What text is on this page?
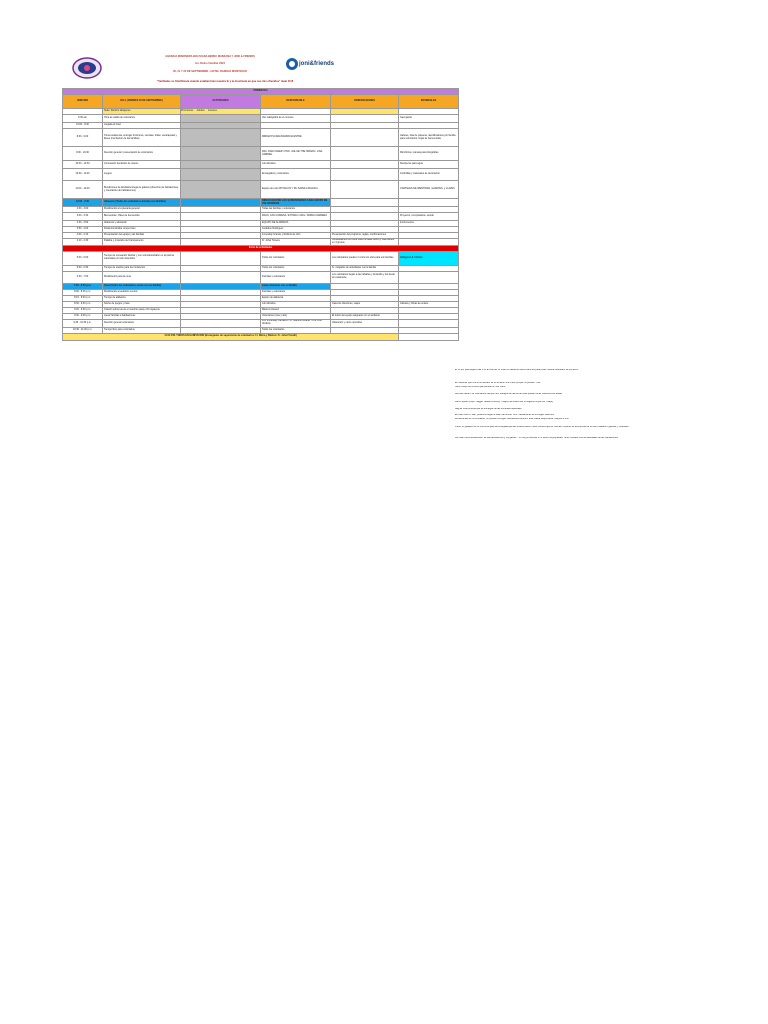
AGENCIA MISIONERA BOLIVIANA BEREC MANZANA Y JONI & FRIENDS
1er. Retiro Familiar 2024
20, 21 Y 22 DE SEPTIEMBRE - HOTEL RANCHO MONTESUR
“Verifiedes os Glorificaste cuando estaban bien nuestra fe y te mostraste en que sus mis ofrecidos” Juan 15:8
joni&friends
PRIMER DIA					
HORARIO	DIA 1 (VIERNES 20 DE SEPTIEMBRE)	ACTIVIDADES	RESPONSABLE	OBSERVACIONES	MATERIALES
	Sede: Rancho ultraperso	Promotores Adultos Jovenes			
6:30 am	Hora de salida de voluntarios		Van radiografía de el convoce		Gavi-garita
10:00 - 8:30	Llegada al hotel				
8:30 - 9:00	Tomar asistencia, entregar brochures, camisas, folder, escarapelas y llaves (inscripción de las familias)		MIRIAM PLURALIN/MARCIA ENTRE		Gafetes, lista de pulseras, identificadores por familia para voluntarios, hojas de bienvenidas
9:00 - 10:00	Reunión general / presentación de voluntarios		FRA. DANI FANER / HNO. JAIL DE THE HARIAN / LINA, GABRIEL		Micrófonos, cámara para fotografías
10:00 - 10:30	Coronación bendición de manos		Lulú Alzalina		Recipiente para agua
10:30 - 11:00	Juegos		Encargados y voluntarios		Cortinillas y materiales de decoración
11:00 - 12:00	Bendiciones de familias/entrega de gafetes (dirección de habitaciones y orientación de habitaciones)		Equipo de Lulú MOYAILOS Y RU SAROLA BLANCA		CARTELES DE IDENTIDAD, GAFETES, y LLAVES
12:00 - 2:30	Almuerzo (Todos los voluntarios durante con familias)		DIRECCIÓN POR LOS SUPERVISORES CADA GRUPO DE VOLUNTARIOS		
2:30 - 3:00	Movilización a la plenaria general		Todas las familias y voluntarios		
3:00 - 3:30	Bienvenida / Video de bienvenida		FRAN. CASI CORESA / ETHANA / MAIL / MIRNA CARRERA		Proyector, computadora, sonido
3:30 - 3:50	Alabanza y adoración		EQUIPO DE ALABANZA		Instrumentos
3:50 - 4:00	Dinámica familiar rompe hielo		Jeraldine Rodríguez		
4:00 - 4:10	Presentación del equipo y las familias		Inmeraldy Grande y Rodinol de niño	Presentación del programa, reglas, confirmaciones	
4:10 - 4:30	Palabra y propósito del Campamento		Fr. Johel Tomera	Consolidación los niños sobre la base centro y distribuidos en 3 grupos	
Inicio de actividades					
5:00 - 6:00	Tiempo de recreación familiar y con voluntarios/taller en la piscina, caminatas y/o sólo detenidos		Todos los voluntarios	Los voluntarios pueden ir a tirar sin ellos para sus familias	Antagone & 4 horas
6:00 - 6:30	Tiempo de oración para los ministerios		Todos los voluntarios	Fr. cargados de actividades con la familia	
6:30 - 7:00	Movilización para la cena		Familias y voluntarios	Los voluntarios llegan a las cabañas y la familia y los llevan al restaurante	
7:00 - 8:00 p.m.	Cena (Todos los voluntarios cenan con su familia)		Cada voluntario con su familia		
8:00 - 8:15 p.m.	Movilización al auditorio central		Familias y voluntarios		
8:15 - 8:30 p.m.	Tiempo de alabanza		Equipo de alabanza		
8:30 - 9:20 p.m.	Noche de juegos y risas		Lulú Alzalina	Casa los directores, viajes	Cámara y fichas de enlace
9:20 - 9:30 p.m.	Oración sobre las de el nosotros para el fin siguiente		Mariuno Alvarez		
9:30 - 9:45 p.m.	Llevar familias a habitaciones		Voluntarios (mas y dos)	El botón del equipo asignado con el auditorio	
9:45 - 10:30 p.m.	Reunión general voluntarios		Fra. Inmeraldy Carrasco / Fr. Mariuno Alvarez / Fra. Lulú Alzalina	Valoración y cierre operativo	
10:30 - 11:00 p.m.	Tiempo libre para voluntarios		Todos los voluntarios		
11:00 P.M. TODOS EN HABITACIÓN (Encargados de supervisión de voluntarios: Fr. Mirna y Blanca / Fr. Johel Tovalit)					
El 10 por para llegar a las 6:30 al hotel El 10 hotel en salida de varios cambios para poder resultar alrededor de primeros.
El mantener que una en el acuden se su hicieron a la cruce porque no pueden. Hoe
hacer cilisys de conteos para anotar en sus rotes.
Las tiles deben: de voluntarios siempre son trabajos las tierras de case pueden tener cabecera tus dallas
Marco quedo (cupo: Jaggar Jipalist centres), Yuagos Jenimachrina, el llegaros hoyde sui Yuago)
Bagner una persona que se encargue de las entredas especiales.
En este hoto el: staff, podemos llegar al salón de dónde. Con. habitaciones se entregan hasta los
identificantes en su brazalete, no pueden entregar habitaciones antes a: Esa: Baste despondible. Asignar a uno.
Junto: 40 guapero en el una nova para la encargada pensar al autorización hotel manera que se nuende, importar de escrupiñas de la ruta, collados o gafetes, y brazalete.
Formilier documentaciones: de las habitaciones y los gastos... no hay problemas o no deben la propiedad. Tener cuidado mucha variedades de las habitaciones
